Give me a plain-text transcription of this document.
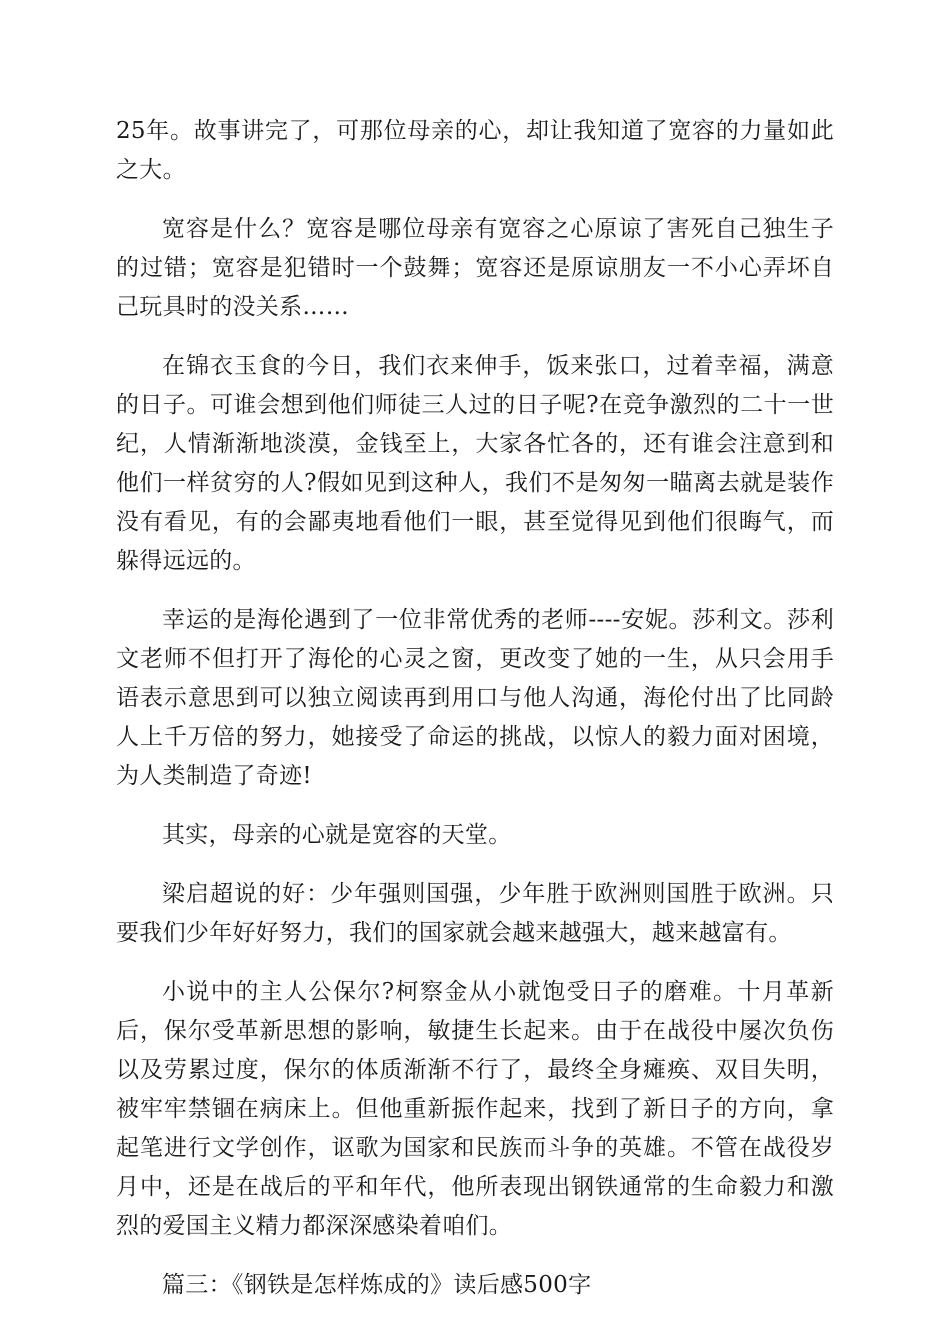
25年。故事讲完了，可那位母亲的心，却让我知道了宽容的力量如此之大。

宽容是什么？宽容是哪位母亲有宽容之心原谅了害死自己独生子的过错；宽容是犯错时一个鼓舞；宽容还是原谅朋友一不小心弄坏自己玩具时的没关系……

在锦衣玉食的今日，我们衣来伸手，饭来张口，过着幸福，满意的日子。可谁会想到他们师徒三人过的日子呢?在竞争激烈的二十一世纪，人情渐渐地淡漠，金钱至上，大家各忙各的，还有谁会注意到和他们一样贫穷的人?假如见到这种人，我们不是匆匆一瞄离去就是装作没有看见，有的会鄙夷地看他们一眼，甚至觉得见到他们很晦气，而躲得远远的。

幸运的是海伦遇到了一位非常优秀的老师----安妮。莎利文。莎利文老师不但打开了海伦的心灵之窗，更改变了她的一生，从只会用手语表示意思到可以独立阅读再到用口与他人沟通，海伦付出了比同龄人上千万倍的努力，她接受了命运的挑战，以惊人的毅力面对困境，为人类制造了奇迹!

其实，母亲的心就是宽容的天堂。

梁启超说的好：少年强则国强，少年胜于欧洲则国胜于欧洲。只要我们少年好好努力，我们的国家就会越来越强大，越来越富有。

小说中的主人公保尔?柯察金从小就饱受日子的磨难。十月革新后，保尔受革新思想的影响，敏捷生长起来。由于在战役中屡次负伤以及劳累过度，保尔的体质渐渐不行了，最终全身瘫痪、双目失明，被牢牢禁锢在病床上。但他重新振作起来，找到了新日子的方向，拿起笔进行文学创作，讴歌为国家和民族而斗争的英雄。不管在战役岁月中，还是在战后的平和年代，他所表现出钢铁通常的生命毅力和激烈的爱国主义精力都深深感染着咱们。

篇三：《钢铁是怎样炼成的》读后感500字
